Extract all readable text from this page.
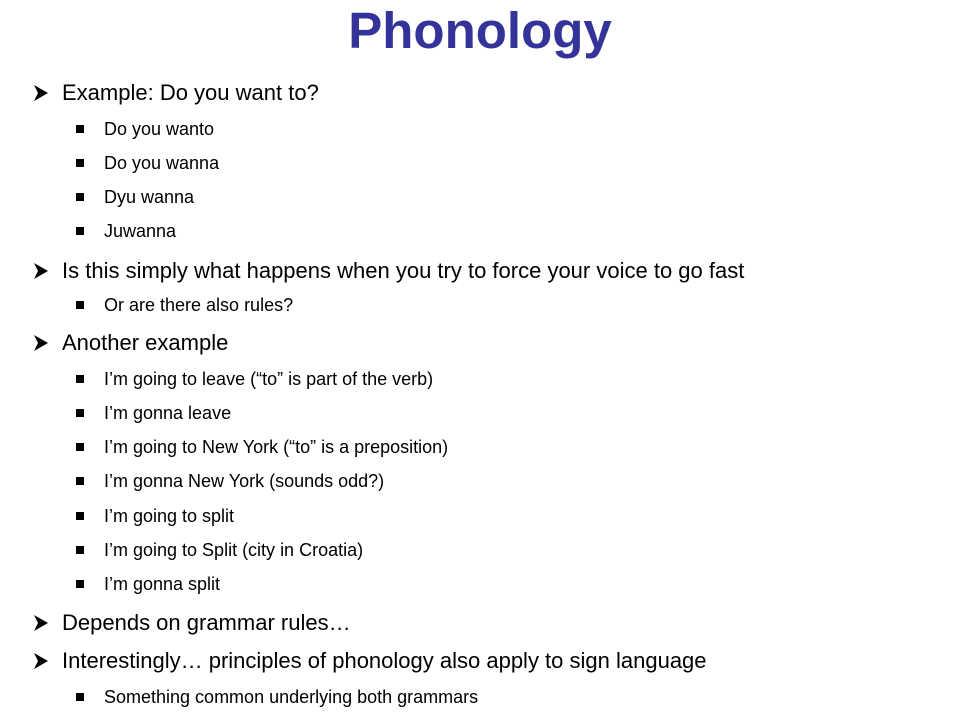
Phonology
Example: Do you want to?
Do you wanto
Do you wanna
Dyu wanna
Juwanna
Is this simply what happens when you try to force your voice to go fast
Or are there also rules?
Another example
I’m going to leave (“to” is part of the verb)
I’m gonna leave
I’m going to New York (“to” is a preposition)
I’m gonna New York (sounds odd?)
I’m going to split
I’m going to Split (city in Croatia)
I’m gonna split
Depends on grammar rules…
Interestingly… principles of phonology also apply to sign language
Something common underlying both grammars
